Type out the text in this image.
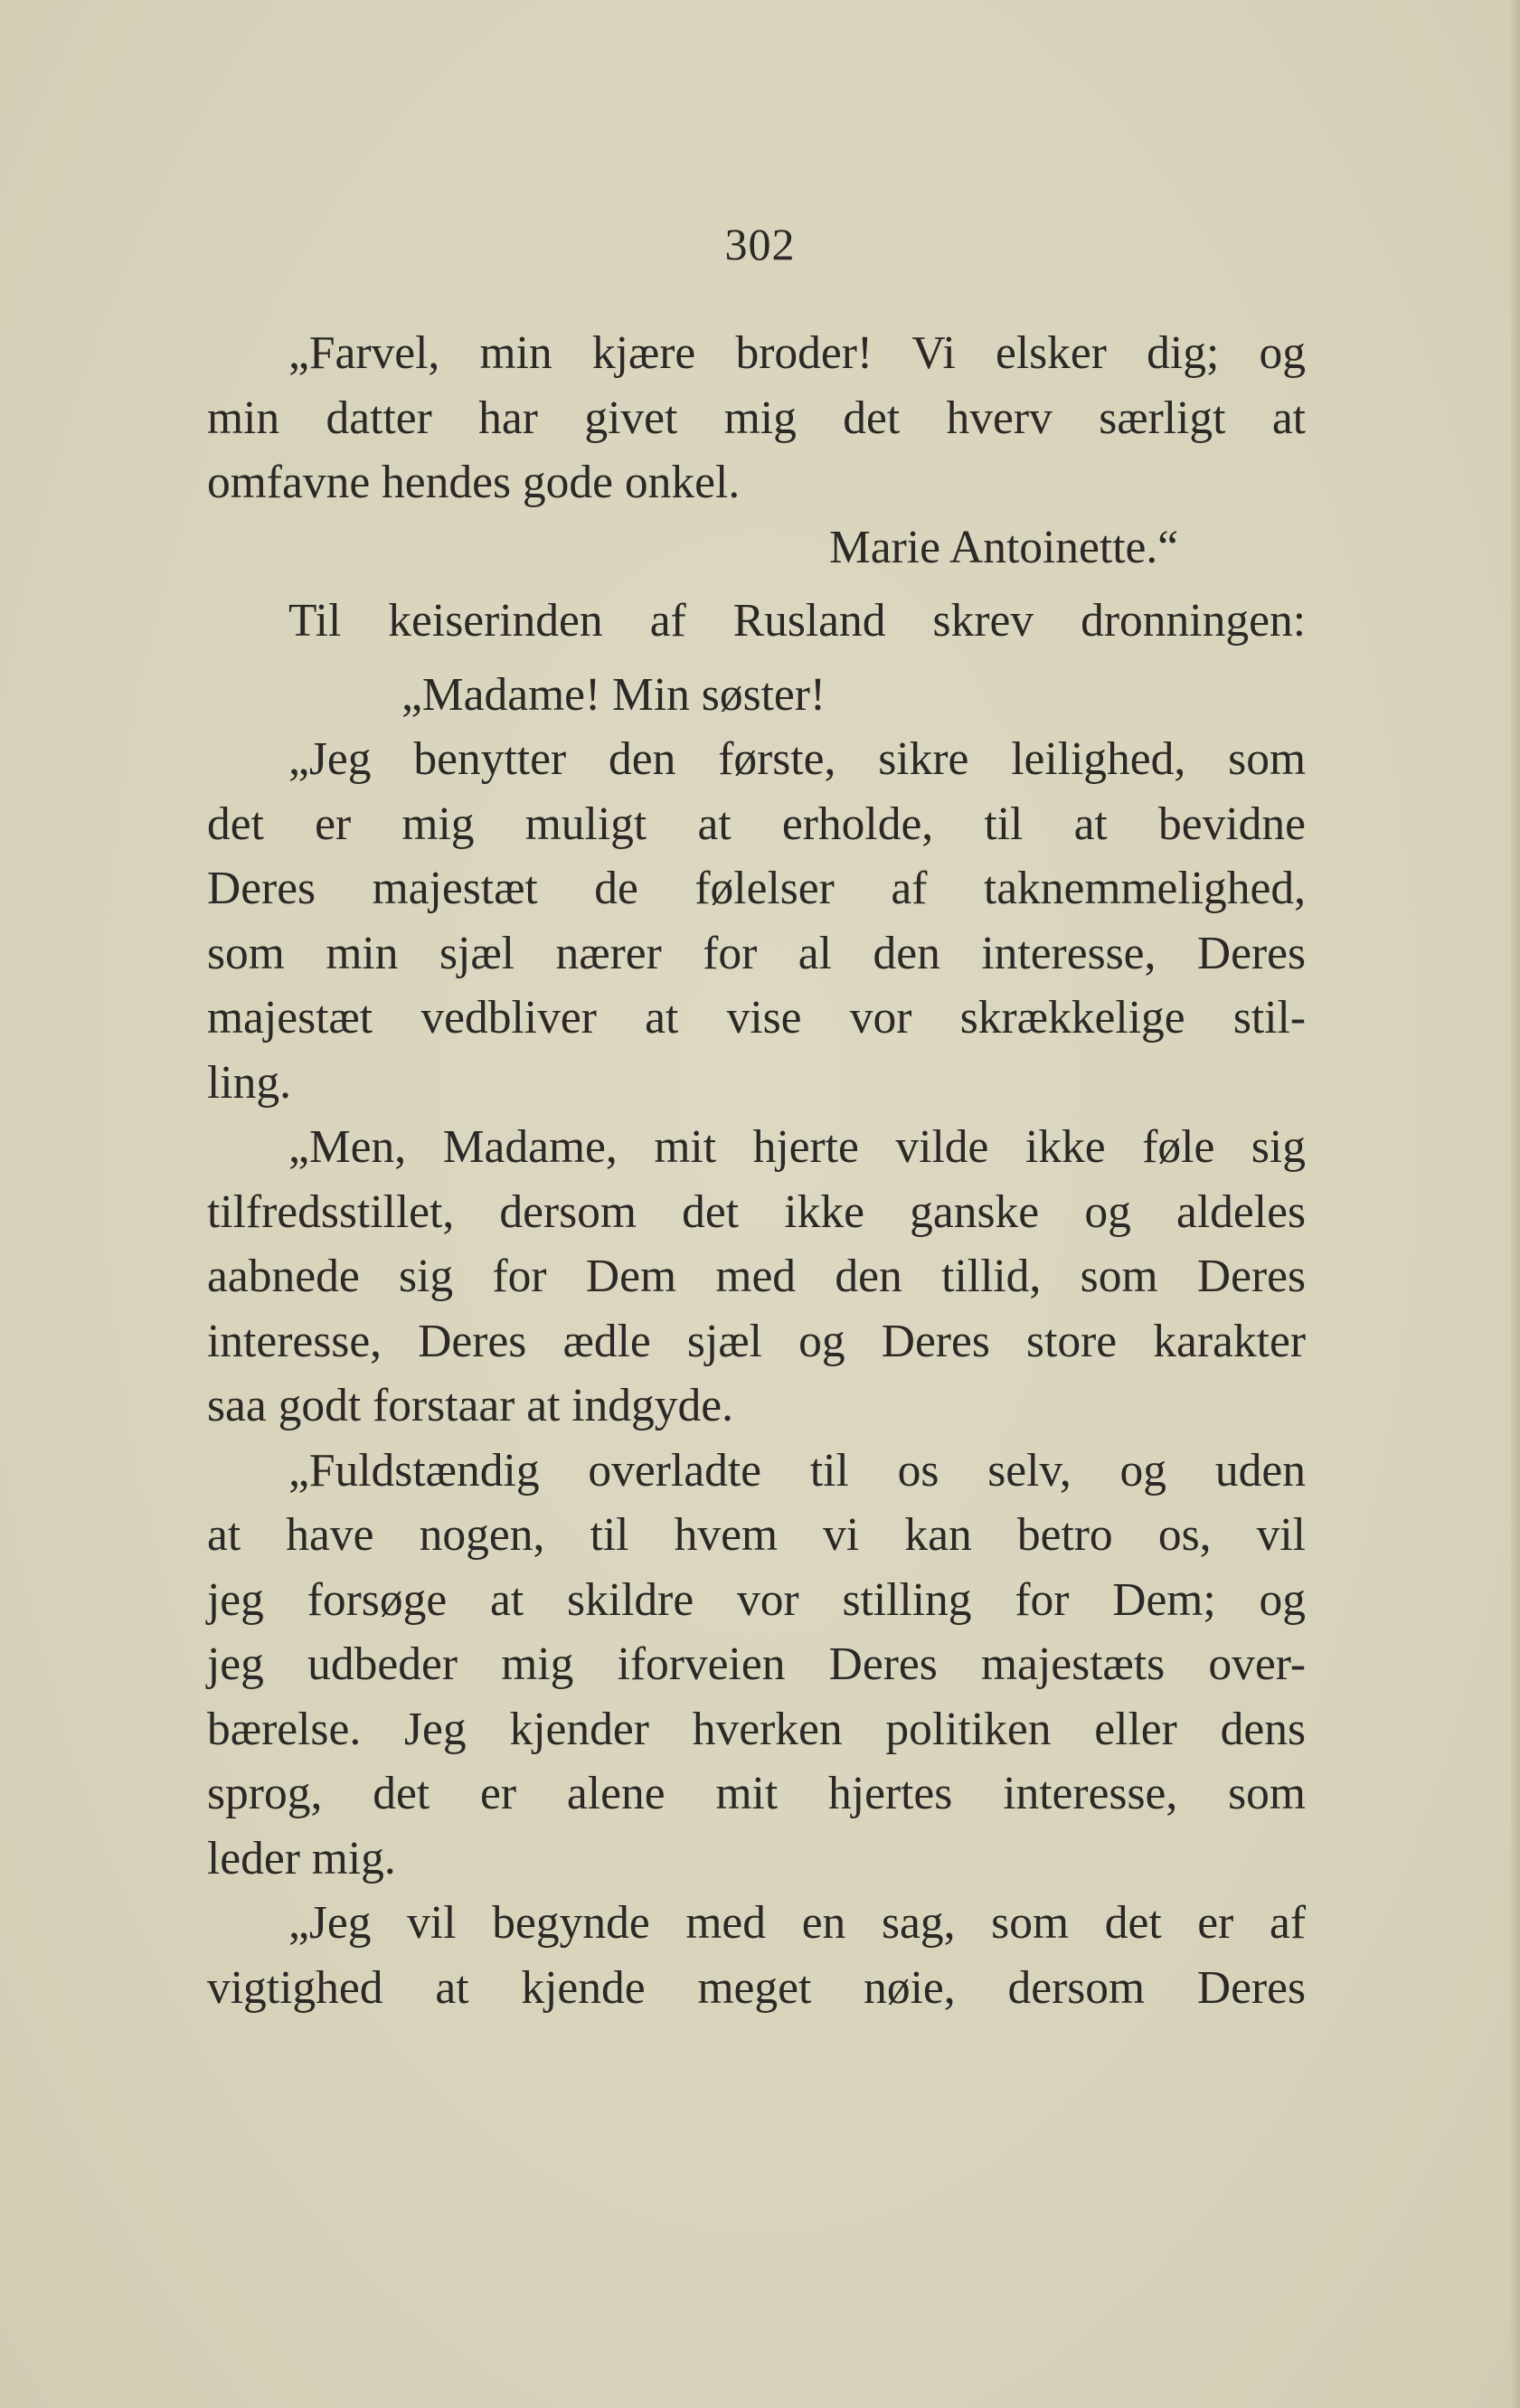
302
„Farvel, min kjære broder! Vi elsker dig; og
min datter har givet mig det hverv særligt at
omfavne hendes gode onkel.
Marie Antoinette.“
Til keiserinden af Rusland skrev dronningen:
„Madame! Min søster!
„Jeg benytter den første, sikre leilighed, som
det er mig muligt at erholde, til at bevidne
Deres majestæt de følelser af taknemmelighed,
som min sjæl nærer for al den interesse, Deres
majestæt vedbliver at vise vor skrækkelige stil-
ling.
„Men, Madame, mit hjerte vilde ikke føle sig
tilfredsstillet, dersom det ikke ganske og aldeles
aabnede sig for Dem med den tillid, som Deres
interesse, Deres ædle sjæl og Deres store karakter
saa godt forstaar at indgyde.
„Fuldstændig overladte til os selv, og uden
at have nogen, til hvem vi kan betro os, vil
jeg forsøge at skildre vor stilling for Dem; og
jeg udbeder mig iforveien Deres majestæts over-
bærelse. Jeg kjender hverken politiken eller dens
sprog, det er alene mit hjertes interesse, som
leder mig.
„Jeg vil begynde med en sag, som det er af
vigtighed at kjende meget nøie, dersom Deres
